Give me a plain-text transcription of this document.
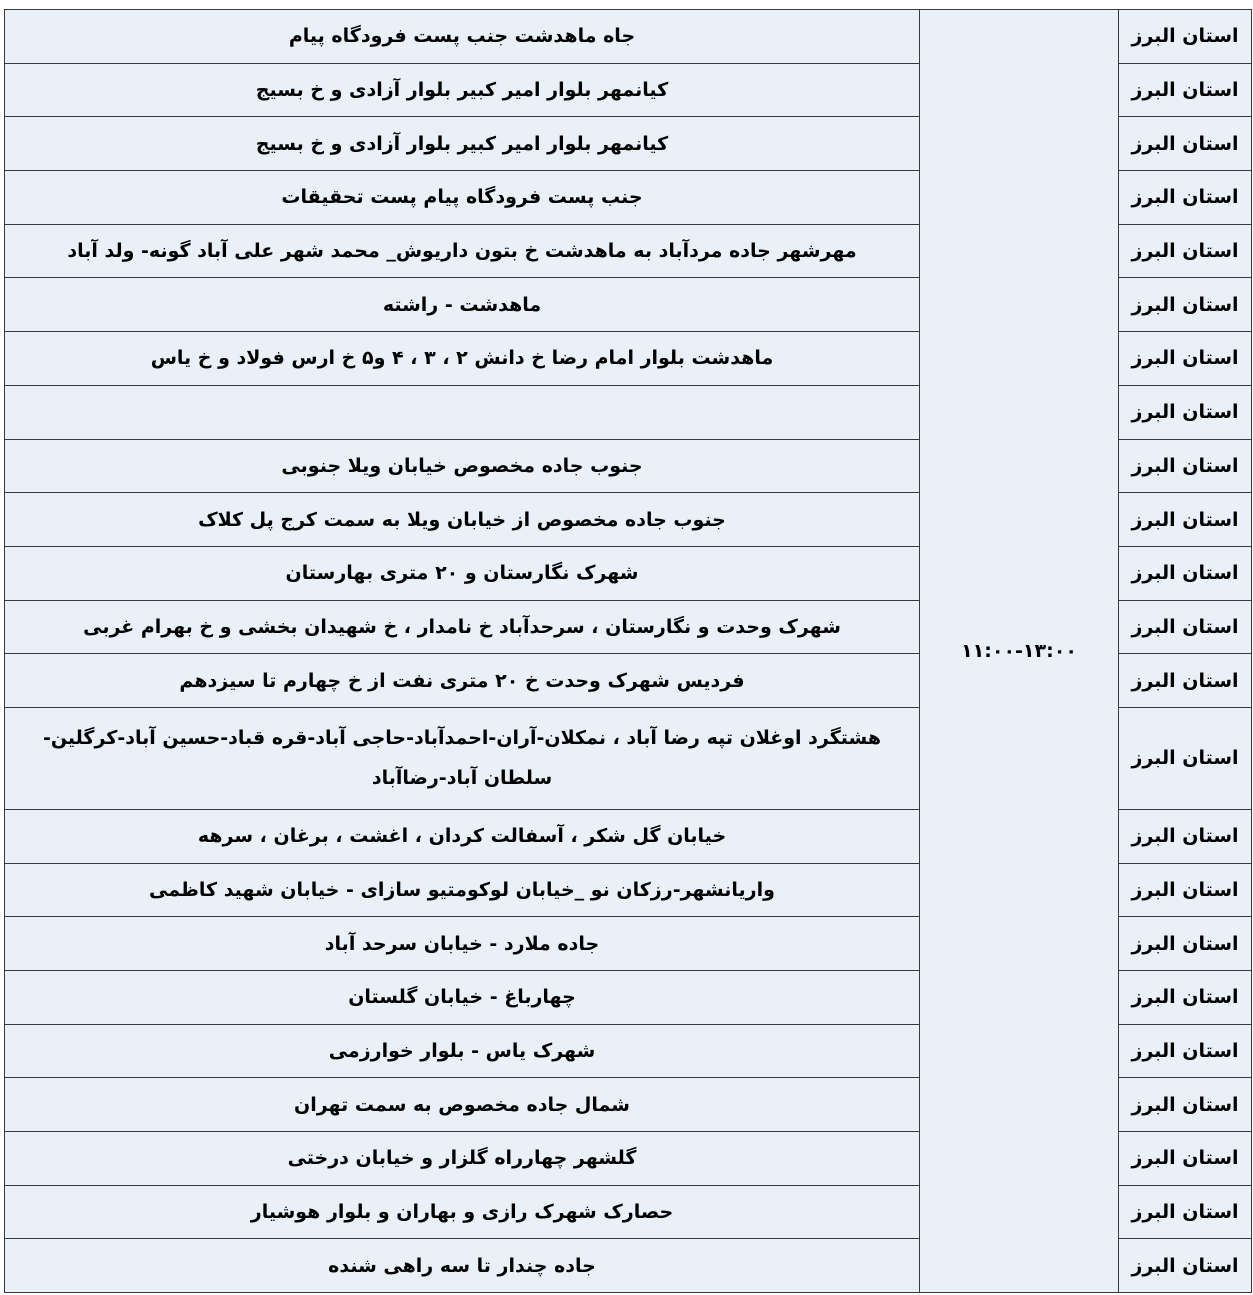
استان البرز	۱۱:۰۰-۱۳:۰۰	جاه ماهدشت جنب پست فرودگاه پیام
استان البرز		کیانمهر بلوار امیر کبیر بلوار آزادی و خ بسیج
استان البرز		کیانمهر بلوار امیر کبیر بلوار آزادی و خ بسیج
استان البرز		جنب پست فرودگاه پیام پست تحقیقات
استان البرز		مهرشهر جاده مردآباد به ماهدشت خ بتون داریوش_ محمد شهر علی آباد گونه- ولد آباد
استان البرز		ماهدشت - راشته
استان البرز		ماهدشت بلوار امام رضا خ دانش ۲ ، ۳ ، ۴ و۵ خ ارس فولاد و خ یاس
استان البرز		
استان البرز		جنوب جاده مخصوص خیابان ویلا جنوبی
استان البرز		جنوب جاده مخصوص از خیابان ویلا به سمت کرج پل کلاک
استان البرز		شهرک نگارستان و ۲۰ متری بهارستان
استان البرز		شهرک وحدت و نگارستان ، سرحدآباد خ نامدار ، خ شهیدان بخشی و خ بهرام غربی
استان البرز		فردیس شهرک وحدت خ ۲۰ متری نفت از خ چهارم تا سیزدهم
استان البرز		هشتگرد اوغلان تپه رضا آباد ، نمکلان-آران-احمدآباد-حاجی آباد-قره قباد-حسین آباد-کرگلین-سلطان آباد-رضاآباد
استان البرز		خیابان گل شکر ، آسفالت کردان ، اغشت ، برغان ، سرهه
استان البرز		واریانشهر-رزکان نو _خیابان لوکومتیو سازای - خیابان شهید کاظمی
استان البرز		جاده ملارد - خیابان سرحد آباد
استان البرز		چهارباغ - خیابان گلستان
استان البرز		شهرک یاس - بلوار خوارزمی
استان البرز		شمال جاده مخصوص به سمت تهران
استان البرز		گلشهر چهارراه گلزار و خیابان درختی
استان البرز		حصارک شهرک رازی و بهاران و بلوار هوشیار
استان البرز		جاده چندار تا سه راهی شنده
